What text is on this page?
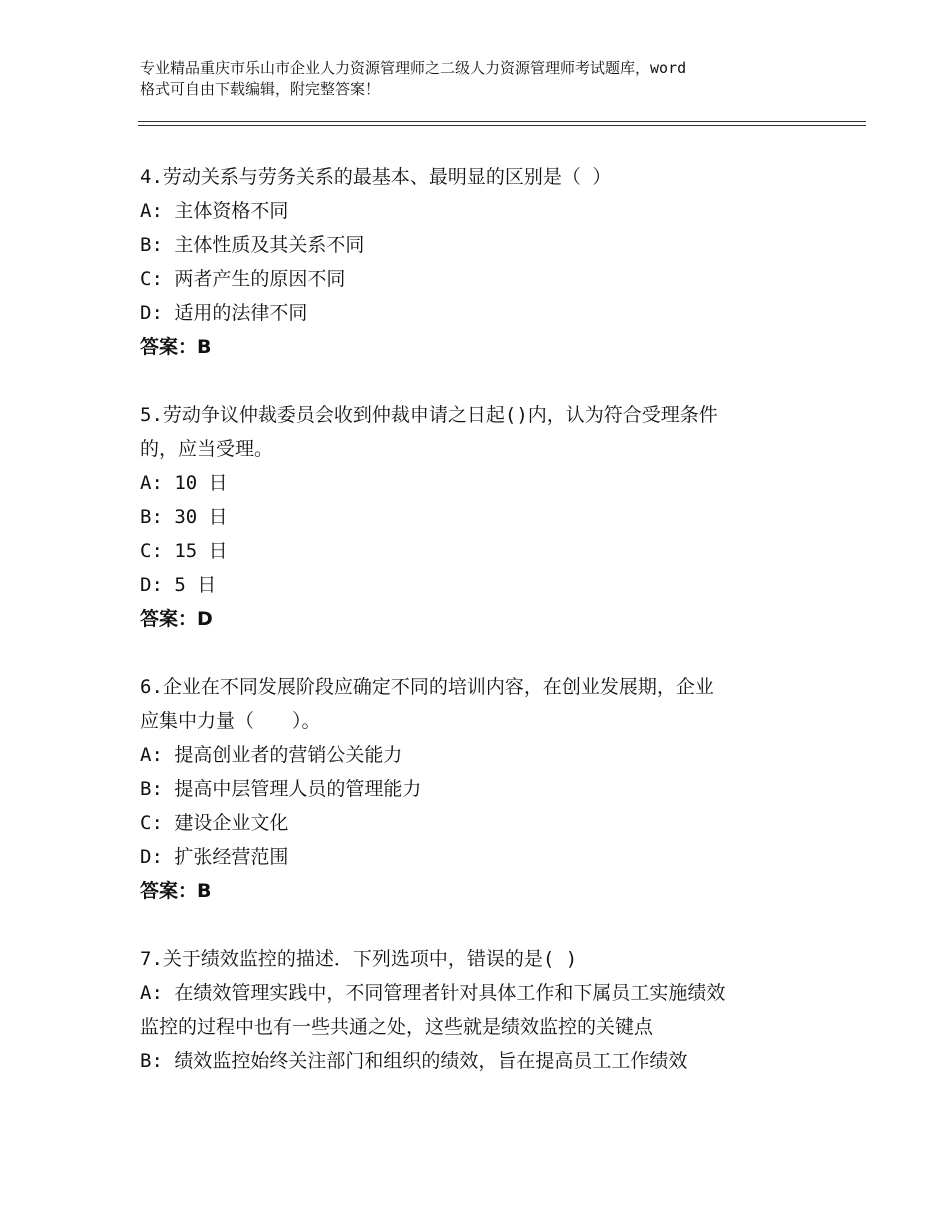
专业精品重庆市乐山市企业人力资源管理师之二级人力资源管理师考试题库，word
格式可自由下载编辑，附完整答案！
4.劳动关系与劳务关系的最基本、最明显的区别是（ ）
A: 主体资格不同
B: 主体性质及其关系不同
C: 两者产生的原因不同
D: 适用的法律不同
答案：B
5.劳动争议仲裁委员会收到仲裁申请之日起()内，认为符合受理条件
的，应当受理。
A: 10 日
B: 30 日
C: 15 日
D: 5 日
答案：D
6.企业在不同发展阶段应确定不同的培训内容，在创业发展期，企业
应集中力量（　　）。
A: 提高创业者的营销公关能力
B: 提高中层管理人员的管理能力
C: 建设企业文化
D: 扩张经营范围
答案：B
7.关于绩效监控的描述．下列选项中，错误的是( )
A: 在绩效管理实践中，不同管理者针对具体工作和下属员工实施绩效
监控的过程中也有一些共通之处，这些就是绩效监控的关键点
B: 绩效监控始终关注部门和组织的绩效，旨在提高员工工作绩效
